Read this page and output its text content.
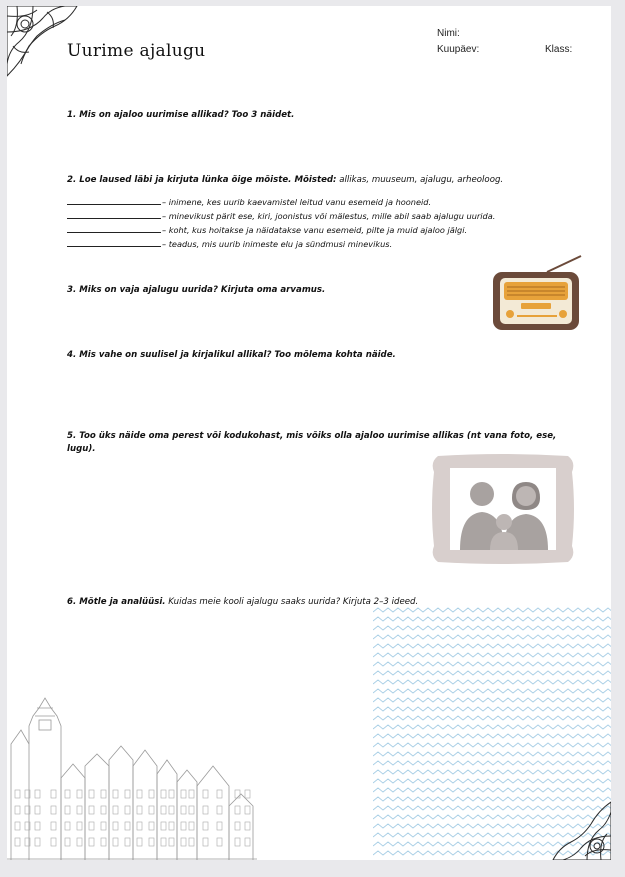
Uurime ajalugu
Nimi:
Kuupäev:	Klass:
1. Mis on ajaloo uurimise allikad? Too 3 näidet.
2. Loe laused läbi ja kirjuta lünka õige mõiste. Mõisted: allikas, muuseum, ajalugu, arheoloog.
– inimene, kes uurib kaevamistel leitud vanu esemeid ja hooneid.
– minevikust pärit ese, kiri, joonistus või mälestus, mille abil saab ajalugu uurida.
– koht, kus hoitakse ja näidatakse vanu esemeid, pilte ja muid ajaloo jälgi.
– teadus, mis uurib inimeste elu ja sündmusi minevikus.
3. Miks on vaja ajalugu uurida? Kirjuta oma arvamus.
4. Mis vahe on suulisel ja kirjalikul allikal? Too mõlema kohta näide.
5. Too üks näide oma perest või kodukohast, mis võiks olla ajaloo uurimise allikas (nt vana foto, ese,
lugu).
6. Mõtle ja analüüsi. Kuidas meie kooli ajalugu saaks uurida? Kirjuta 2–3 ideed.
